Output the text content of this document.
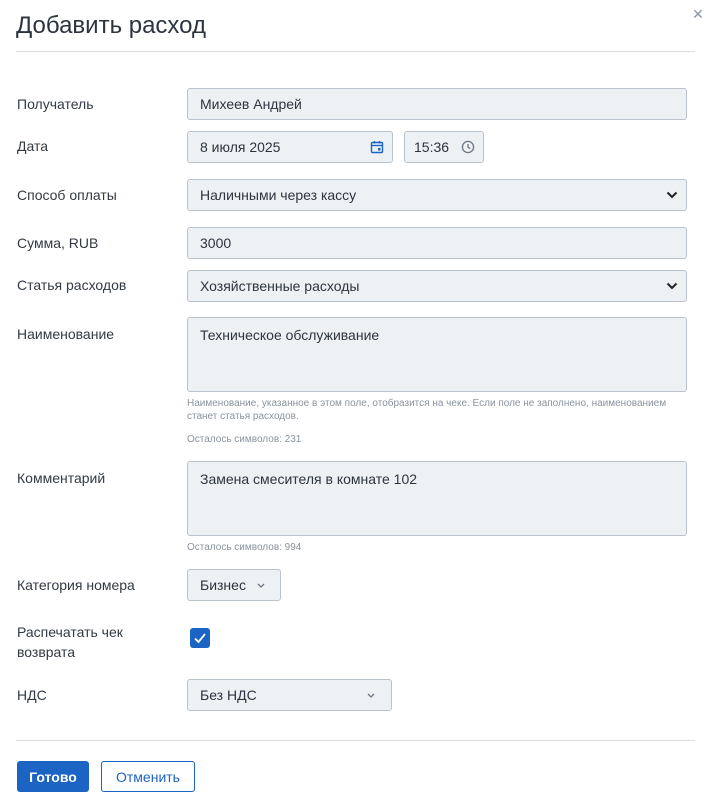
Добавить расход	✕
Получатель	Михеев Андрей
Дата	8 июля 2025	15:36
Способ оплаты	Наличными через кассу
Сумма, RUB	3000
Статья расходов	Хозяйственные расходы
Наименование	Техническое обслуживание
Наименование, указанное в этом поле, отобразится на чеке. Если поле не заполнено, наименованием
станет статья расходов.
Осталось символов: 231
Комментарий	Замена смесителя в комнате 102
Осталось символов: 994
Категория номера	Бизнес
Распечатать чек
возврата
НДС	Без НДС
Готово	Отменить
